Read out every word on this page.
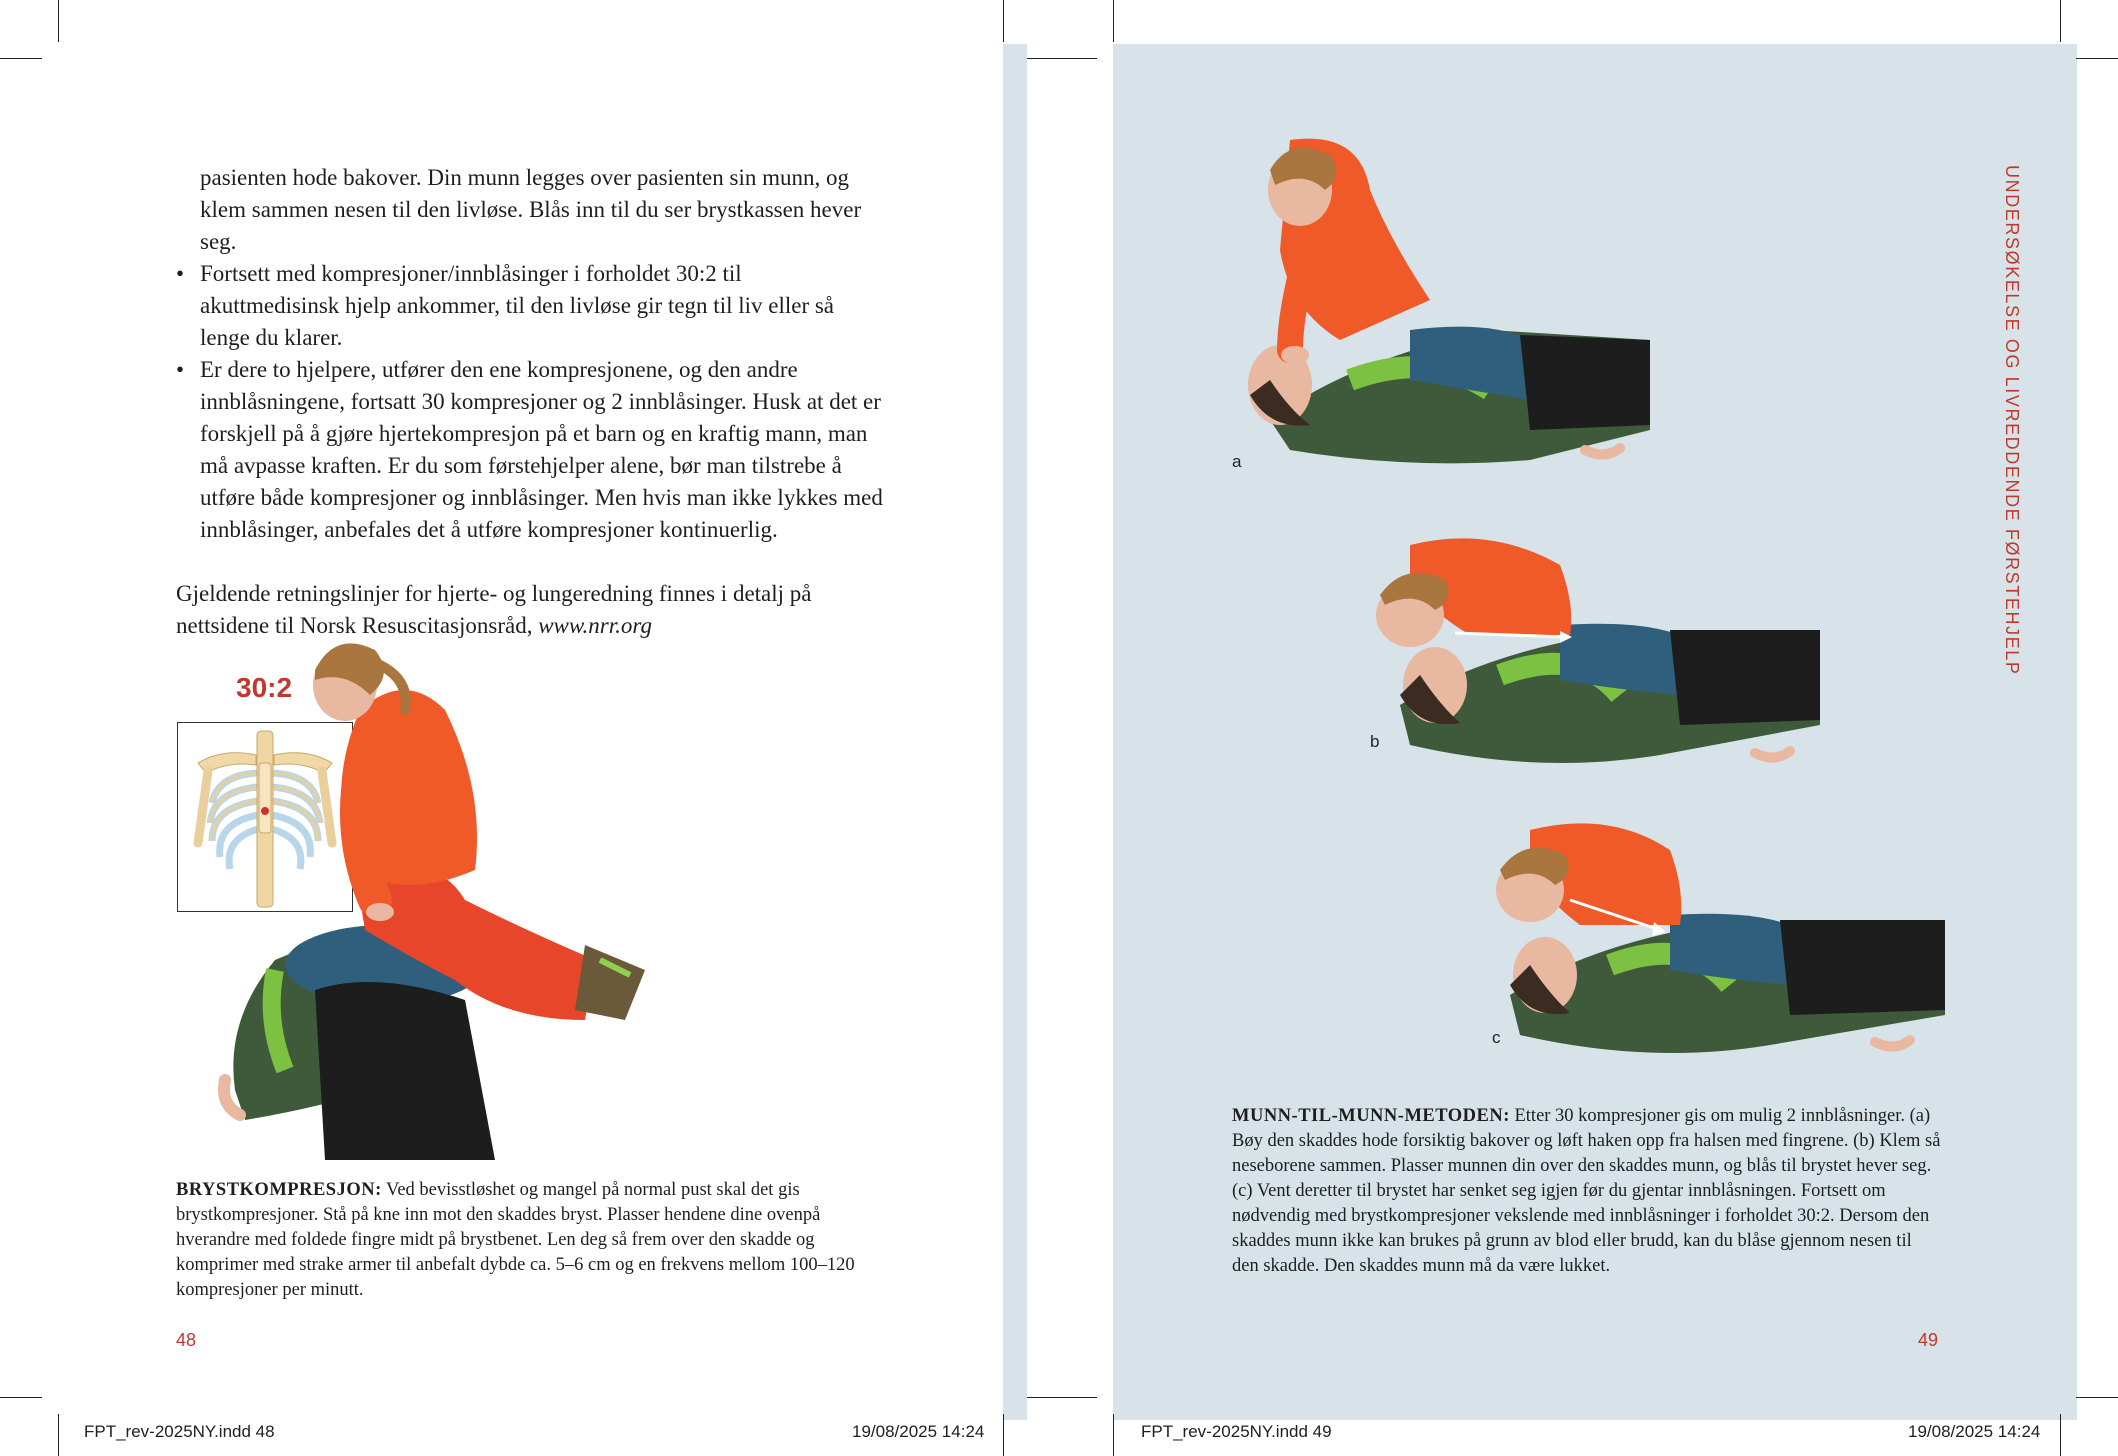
pasienten hode bakover. Din munn legges over pasienten sin munn, og klem sammen nesen til den livløse. Blås inn til du ser brystkassen hever seg.
• Fortsett med kompresjoner/innblåsinger i forholdet 30:2 til akuttmedisinsk hjelp ankommer, til den livløse gir tegn til liv eller så lenge du klarer.
• Er dere to hjelpere, utfører den ene kompresjonene, og den andre innblåsningene, fortsatt 30 kompresjoner og 2 innblåsinger. Husk at det er forskjell på å gjøre hjertekompresjon på et barn og en kraftig mann, man må avpasse kraften. Er du som førstehjelper alene, bør man tilstrebe å utføre både kompresjoner og innblåsinger. Men hvis man ikke lykkes med innblåsinger, anbefales det å utføre kompresjoner kontinuerlig.
Gjeldende retningslinjer for hjerte- og lungeredning finnes i detalj på nettsidene til Norsk Resuscitasjonsråd, www.nrr.org
30:2
BRYSTKOMPRESJON: Ved bevisstløshet og mangel på normal pust skal det gis brystkompresjoner. Stå på kne inn mot den skaddes bryst. Plasser hendene dine ovenpå hverandre med foldede fingre midt på brystbenet. Len deg så frem over den skadde og komprimer med strake armer til anbefalt dybde ca. 5–6 cm og en frekvens mellom 100–120 kompresjoner per minutt.
48
FPT_rev-2025NY.indd 48	19/08/2025 14:24
UNDERSØKELSE OG LIVREDDENDE FØRSTEHJELP
a
b
c
MUNN-TIL-MUNN-METODEN: Etter 30 kompresjoner gis om mulig 2 innblåsninger. (a) Bøy den skaddes hode forsiktig bakover og løft haken opp fra halsen med fingrene. (b) Klem så neseborene sammen. Plasser munnen din over den skaddes munn, og blås til brystet hever seg. (c) Vent deretter til brystet har senket seg igjen før du gjentar innblåsningen. Fortsett om nødvendig med brystkompresjoner vekslende med innblåsninger i forholdet 30:2. Dersom den skaddes munn ikke kan brukes på grunn av blod eller brudd, kan du blåse gjennom nesen til den skadde. Den skaddes munn må da være lukket.
49
FPT_rev-2025NY.indd 49	19/08/2025 14:24
